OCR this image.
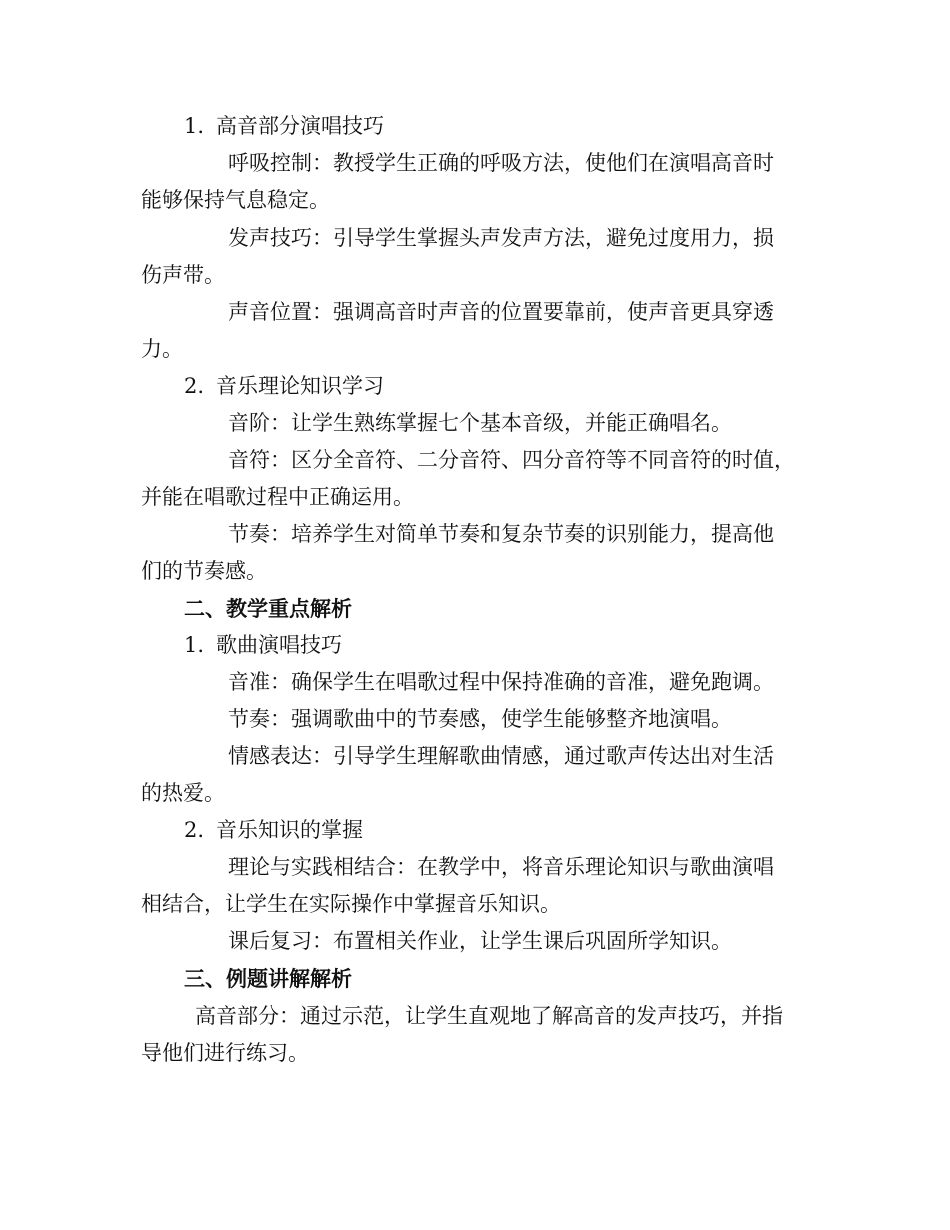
1. 高音部分演唱技巧
呼吸控制：教授学生正确的呼吸方法，使他们在演唱高音时
能够保持气息稳定。
发声技巧：引导学生掌握头声发声方法，避免过度用力，损
伤声带。
声音位置：强调高音时声音的位置要靠前，使声音更具穿透
力。
2. 音乐理论知识学习
音阶：让学生熟练掌握七个基本音级，并能正确唱名。
音符：区分全音符、二分音符、四分音符等不同音符的时值，
并能在唱歌过程中正确运用。
节奏：培养学生对简单节奏和复杂节奏的识别能力，提高他
们的节奏感。
二、教学重点解析
1. 歌曲演唱技巧
音准：确保学生在唱歌过程中保持准确的音准，避免跑调。
节奏：强调歌曲中的节奏感，使学生能够整齐地演唱。
情感表达：引导学生理解歌曲情感，通过歌声传达出对生活
的热爱。
2. 音乐知识的掌握
理论与实践相结合：在教学中，将音乐理论知识与歌曲演唱
相结合，让学生在实际操作中掌握音乐知识。
课后复习：布置相关作业，让学生课后巩固所学知识。
三、例题讲解解析
高音部分：通过示范，让学生直观地了解高音的发声技巧，并指
导他们进行练习。
